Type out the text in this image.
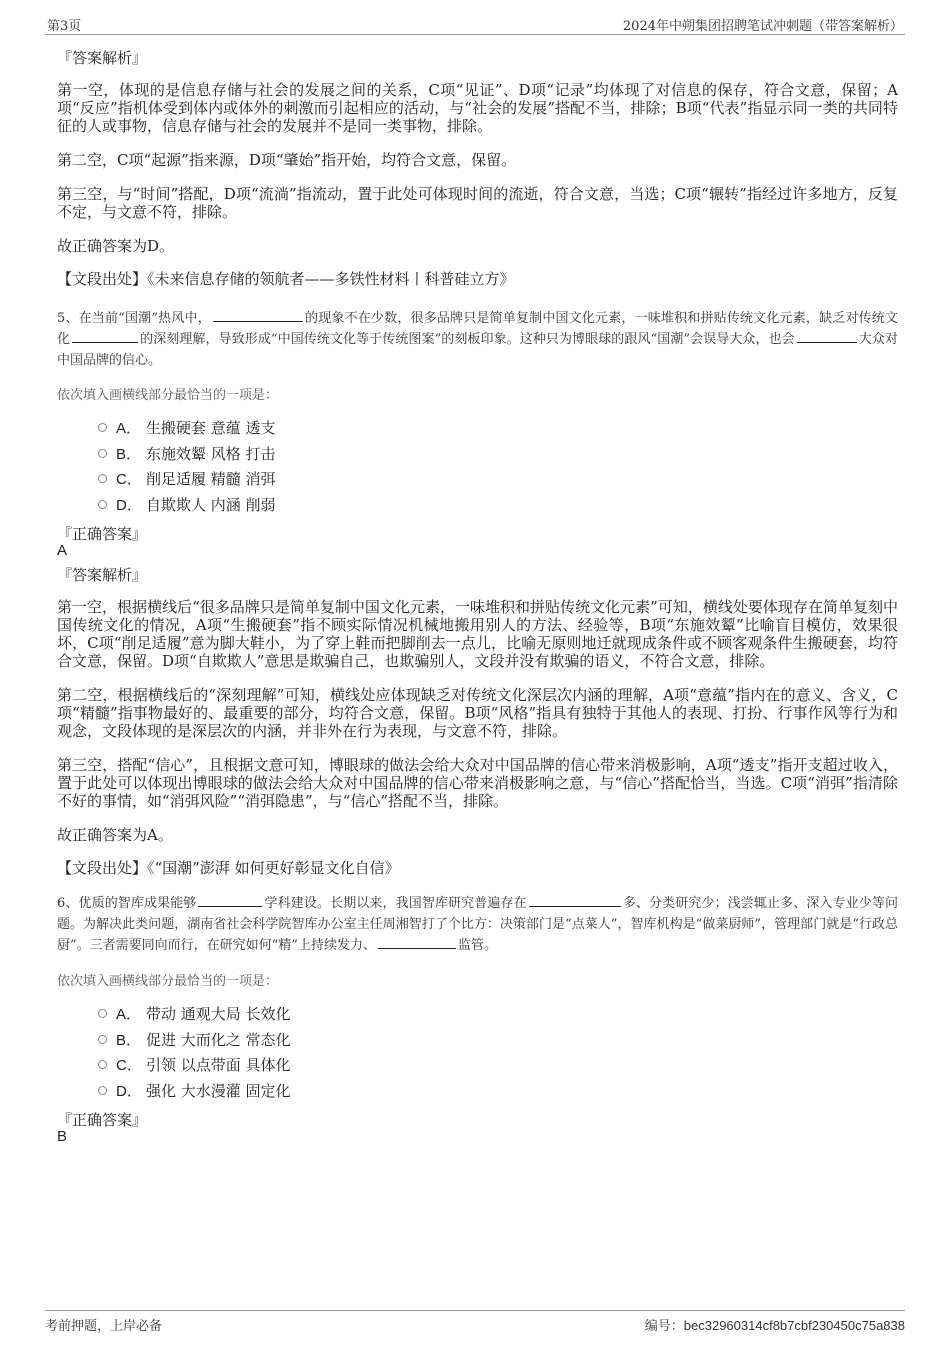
第3页	2024年中朔集团招聘笔试冲刺题（带答案解析）
『答案解析』
第一空，体现的是信息存储与社会的发展之间的关系，C项“见证”、D项“记录”均体现了对信息的保存，符合文意，保留；A项“反应”指机体受到体内或体外的刺激而引起相应的活动，与“社会的发展”搭配不当，排除；B项“代表”指显示同一类的共同特征的人或事物，信息存储与社会的发展并不是同一类事物，排除。
第二空，C项“起源”指来源，D项“肇始”指开始，均符合文意，保留。
第三空，与“时间”搭配，D项“流淌”指流动，置于此处可体现时间的流逝，符合文意，当选；C项“辗转”指经过许多地方，反复不定，与文意不符，排除。
故正确答案为D。
【文段出处】《未来信息存储的领航者——多铁性材料丨科普硅立方》
5、在当前“国潮”热风中，	的现象不在少数，很多品牌只是简单复制中国文化元素，一味堆积和拼贴传统文化元素，缺乏对传统文化	的深刻理解，导致形成“中国传统文化等于传统图案”的刻板印象。这种只为博眼球的跟风“国潮”会误导大众，也会	大众对中国品牌的信心。
依次填入画横线部分最恰当的一项是：
A． 生搬硬套 意蕴 透支
B． 东施效颦 风格 打击
C． 削足适履 精髓 消弭
D． 自欺欺人 内涵 削弱
『正确答案』
A
『答案解析』
第一空，根据横线后“很多品牌只是简单复制中国文化元素，一味堆积和拼贴传统文化元素”可知，横线处要体现存在简单复刻中国传统文化的情况，A项“生搬硬套”指不顾实际情况机械地搬用别人的方法、经验等，B项“东施效颦”比喻盲目模仿，效果很坏，C项“削足适履”意为脚大鞋小，为了穿上鞋而把脚削去一点儿，比喻无原则地迁就现成条件或不顾客观条件生搬硬套，均符合文意，保留。D项“自欺欺人”意思是欺骗自己，也欺骗别人，文段并没有欺骗的语义，不符合文意，排除。
第二空，根据横线后的“深刻理解”可知，横线处应体现缺乏对传统文化深层次内涵的理解，A项“意蕴”指内在的意义、含义，C项“精髓”指事物最好的、最重要的部分，均符合文意，保留。B项“风格”指具有独特于其他人的表现、打扮、行事作风等行为和观念，文段体现的是深层次的内涵，并非外在行为表现，与文意不符，排除。
第三空，搭配“信心”，且根据文意可知，博眼球的做法会给大众对中国品牌的信心带来消极影响，A项“透支”指开支超过收入，置于此处可以体现出博眼球的做法会给大众对中国品牌的信心带来消极影响之意，与“信心”搭配恰当，当选。C项“消弭”指清除不好的事情，如“消弭风险”“消弭隐患”，与“信心”搭配不当，排除。
故正确答案为A。
【文段出处】《“国潮”澎湃 如何更好彰显文化自信》
6、优质的智库成果能够	学科建设。长期以来，我国智库研究普遍存在	多、分类研究少；浅尝辄止多、深入专业少等问题。为解决此类问题，湖南省社会科学院智库办公室主任周湘智打了个比方：决策部门是“点菜人”，智库机构是“做菜厨师”，管理部门就是“行政总厨”。三者需要同向而行，在研究如何“精”上持续发力、	监管。
依次填入画横线部分最恰当的一项是：
A． 带动 通观大局 长效化
B． 促进 大而化之 常态化
C． 引领 以点带面 具体化
D． 强化 大水漫灌 固定化
『正确答案』
B
考前押题，上岸必备	编号：bec32960314cf8b7cbf230450c75a838
